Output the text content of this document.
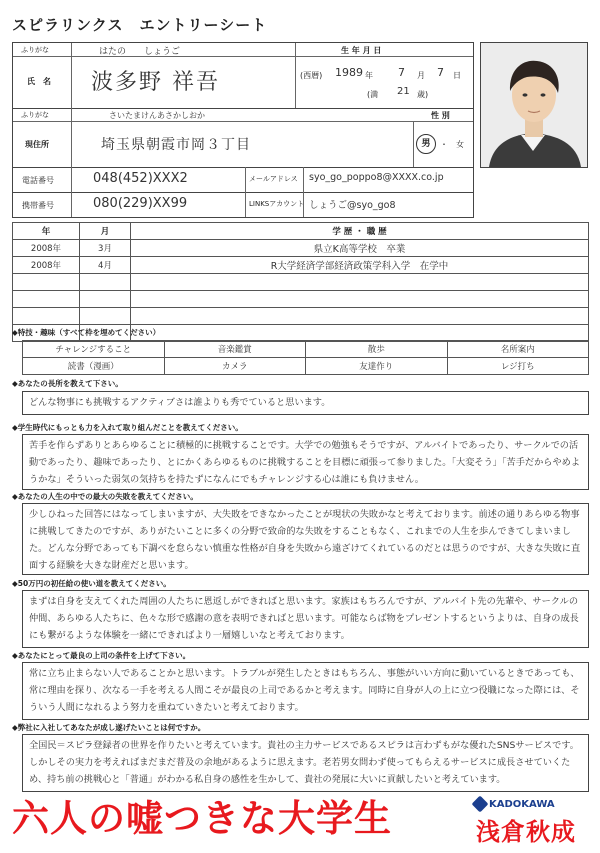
スピラリンクス　エントリーシート
ふりがな	はたの　　しょうご	生 年 月 日
氏　名 波多野 祥吾	(西暦) 1989 年 7 月 7 日
(満 21 歳)
ふりがな	さいたまけんあさかしおか	性 別
現住所	埼玉県朝霞市岡３丁目	男	・ 女
電話番号	048(452)XXX2	メールアドレス syo_go_poppo8@XXXX.co.jp
携帯番号	080(229)XX99	LINKSアカウント しょうご@syo_go8
年	月	学 歴 ・ 職 歴
2008年	3月	県立K高等学校　卒業
2008年	4月	R大学経済学部経済政策学科入学　在学中

◆特技・趣味（すべて枠を埋めてください）
チャレンジすること	音楽鑑賞	散歩	名所案内
読書（漫画）	カメラ	友達作り	レジ打ち
◆あなたの長所を教えて下さい。
どんな物事にも挑戦するアクティブさは誰よりも秀でていると思います。
◆学生時代にもっとも力を入れて取り組んだことを教えてください。
苦手を作らずありとあらゆることに積極的に挑戦することです。大学での勉強もそうですが、アルバイトであったり、サークルでの活動であったり、趣味であったり、とにかくあらゆるものに挑戦することを目標に頑張って参りました。「大変そう」「苦手だからやめようかな」そういった弱気の気持ちを持たずになんにでもチャレンジする心は誰にも負けません。
◆あなたの人生の中での最大の失敗を教えてください。
少しひねった回答にはなってしまいますが、大失敗をできなかったことが現状の失敗かなと考えております。前述の通りあらゆる物事に挑戦してきたのですが、ありがたいことに多くの分野で致命的な失敗をすることもなく、これまでの人生を歩んできてしまいました。どんな分野であっても下調べを怠らない慎重な性格が自身を失敗から遠ざけてくれているのだとは思うのですが、大きな失敗に直面する経験を大きな財産だと思います。
◆50万円の初任給の使い道を教えてください。
まずは自身を支えてくれた周囲の人たちに恩返しができればと思います。家族はもちろんですが、アルバイト先の先輩や、サークルの仲間、あらゆる人たちに、色々な形で感謝の意を表明できればと思います。可能ならば物をプレゼントするというよりは、自身の成長にも繋がるような体験を一緒にできればより一層嬉しいなと考えております。
◆あなたにとって最良の上司の条件を上げて下さい。
常に立ち止まらない人であることかと思います。トラブルが発生したときはもちろん、事態がいい方向に動いているときであっても、常に理由を探り、次なる一手を考える人間こそが最良の上司であるかと考えます。同時に自身が人の上に立つ役職になった際には、そういう人間になれるよう努力を重ねていきたいと考えております。
◆弊社に入社してあなたが成し遂げたいことは何ですか。
全国民＝スピラ登録者の世界を作りたいと考えています。貴社の主力サービスであるスピラは言わずもがな優れたSNSサービスです。しかしその実力を考えればまだまだ普及の余地があるように思えます。老若男女問わず使ってもらえるサービスに成長させていくため、持ち前の挑戦心と「普通」がわかる私自身の感性を生かして、貴社の発展に大いに貢献したいと考えています。
六人の嘘つきな大学生	KADOKAWA
浅倉秋成
